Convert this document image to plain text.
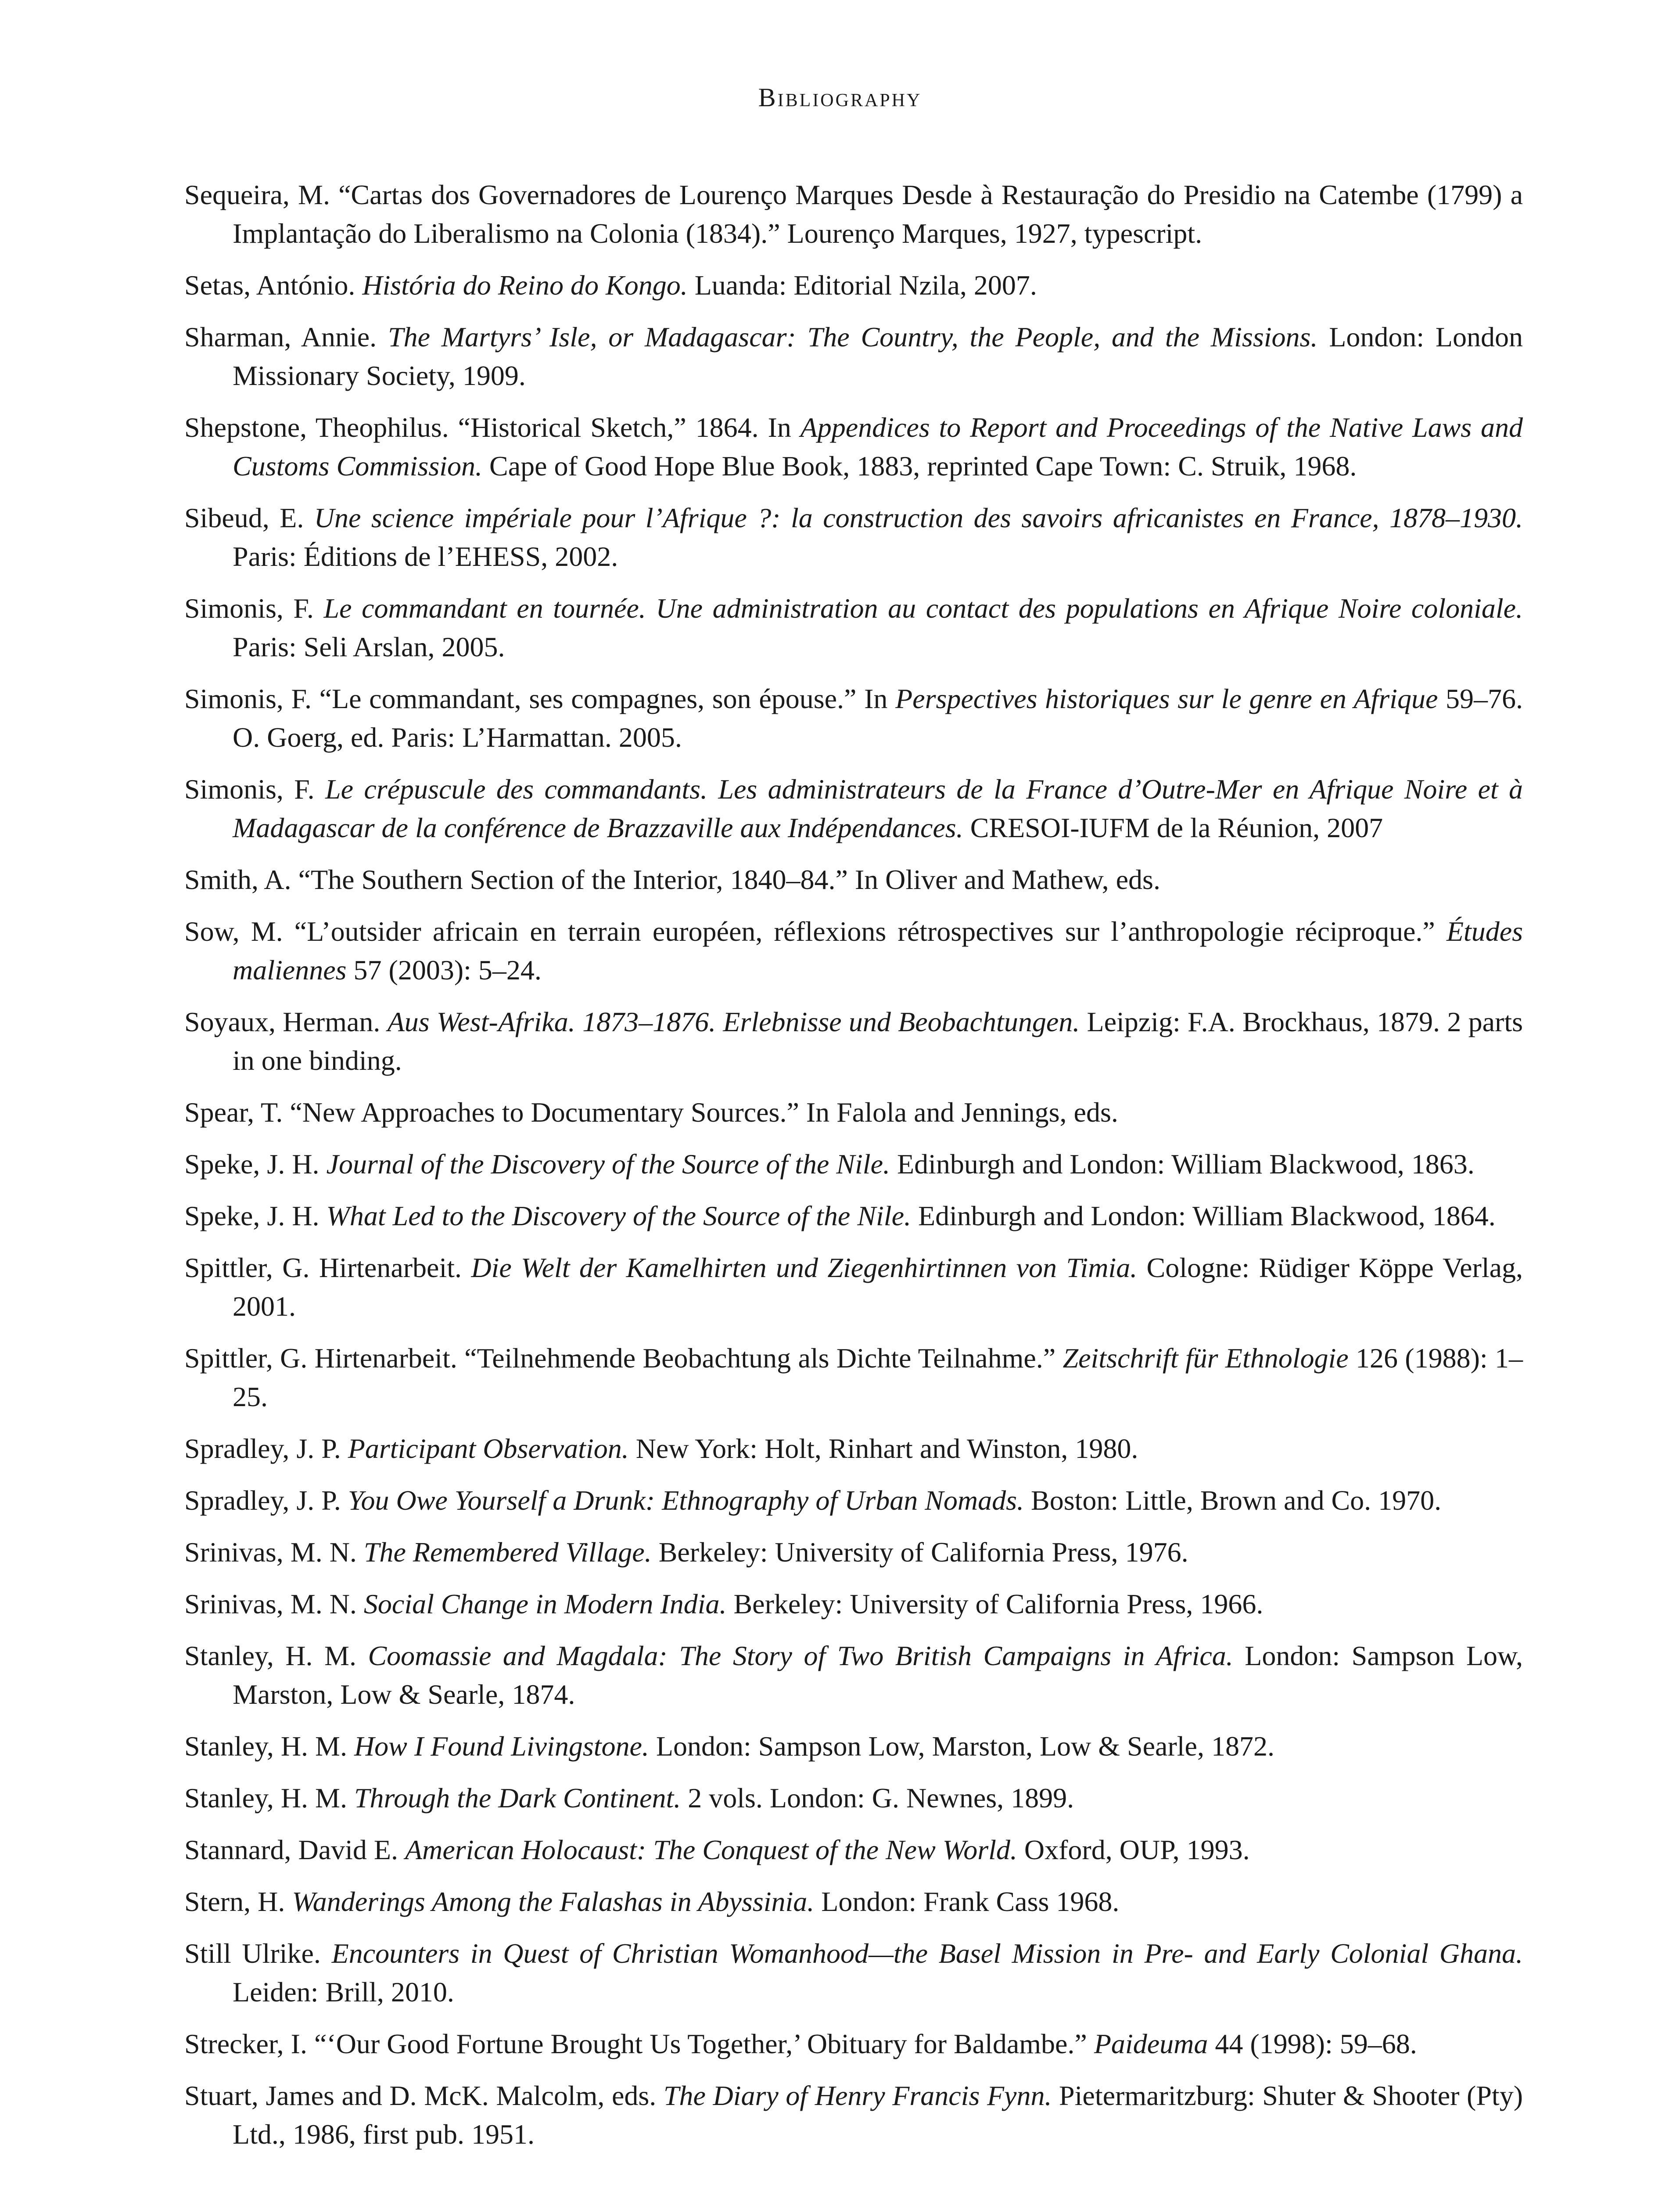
Bibliography

Sequeira, M. “Cartas dos Governadores de Lourenço Marques Desde à Restauração do Presidio na Catembe (1799) a Implantação do Liberalismo na Colonia (1834).” Lourenço Marques, 1927, typescript.

Setas, António. História do Reino do Kongo. Luanda: Editorial Nzila, 2007.

Sharman, Annie. The Martyrs’ Isle, or Madagascar: The Country, the People, and the Missions. London: London Missionary Society, 1909.

Shepstone, Theophilus. “Historical Sketch,” 1864. In Appendices to Report and Proceedings of the Native Laws and Customs Commission. Cape of Good Hope Blue Book, 1883, reprinted Cape Town: C. Struik, 1968.

Sibeud, E. Une science impériale pour l’Afrique ?: la construction des savoirs africanistes en France, 1878–1930. Paris: Éditions de l’EHESS, 2002.

Simonis, F. Le commandant en tournée. Une administration au contact des populations en Afrique Noire coloniale. Paris: Seli Arslan, 2005.

Simonis, F. “Le commandant, ses compagnes, son épouse.” In Perspectives historiques sur le genre en Afrique 59–76. O. Goerg, ed. Paris: L’Harmattan. 2005.

Simonis, F. Le crépuscule des commandants. Les administrateurs de la France d’Outre-Mer en Afrique Noire et à Madagascar de la conférence de Brazzaville aux Indépendances. CRESOI-IUFM de la Réunion, 2007

Smith, A. “The Southern Section of the Interior, 1840–84.” In Oliver and Mathew, eds.

Sow, M. “L’outsider africain en terrain européen, réflexions rétrospectives sur l’anthropologie réciproque.” Études maliennes 57 (2003): 5–24.

Soyaux, Herman. Aus West-Afrika. 1873–1876. Erlebnisse und Beobachtungen. Leipzig: F.A. Brockhaus, 1879. 2 parts in one binding.

Spear, T. “New Approaches to Documentary Sources.” In Falola and Jennings, eds.

Speke, J. H. Journal of the Discovery of the Source of the Nile. Edinburgh and London: William Blackwood, 1863.

Speke, J. H. What Led to the Discovery of the Source of the Nile. Edinburgh and London: William Blackwood, 1864.

Spittler, G. Hirtenarbeit. Die Welt der Kamelhirten und Ziegenhirtinnen von Timia. Cologne: Rüdiger Köppe Verlag, 2001.

Spittler, G. Hirtenarbeit. “Teilnehmende Beobachtung als Dichte Teilnahme.” Zeitschrift für Ethnologie 126 (1988): 1–25.

Spradley, J. P. Participant Observation. New York: Holt, Rinhart and Winston, 1980.

Spradley, J. P. You Owe Yourself a Drunk: Ethnography of Urban Nomads. Boston: Little, Brown and Co. 1970.

Srinivas, M. N. The Remembered Village. Berkeley: University of California Press, 1976.

Srinivas, M. N. Social Change in Modern India. Berkeley: University of California Press, 1966.

Stanley, H. M. Coomassie and Magdala: The Story of Two British Campaigns in Africa. London: Sampson Low, Marston, Low & Searle, 1874.

Stanley, H. M. How I Found Livingstone. London: Sampson Low, Marston, Low & Searle, 1872.

Stanley, H. M. Through the Dark Continent. 2 vols. London: G. Newnes, 1899.

Stannard, David E. American Holocaust: The Conquest of the New World. Oxford, OUP, 1993.

Stern, H. Wanderings Among the Falashas in Abyssinia. London: Frank Cass 1968.

Still Ulrike. Encounters in Quest of Christian Womanhood—the Basel Mission in Pre- and Early Colonial Ghana. Leiden: Brill, 2010.

Strecker, I. “‘Our Good Fortune Brought Us Together,’ Obituary for Baldambe.” Paideuma 44 (1998): 59–68.

Stuart, James and D. McK. Malcolm, eds. The Diary of Henry Francis Fynn. Pietermaritzburg: Shuter & Shooter (Pty) Ltd., 1986, first pub. 1951.
